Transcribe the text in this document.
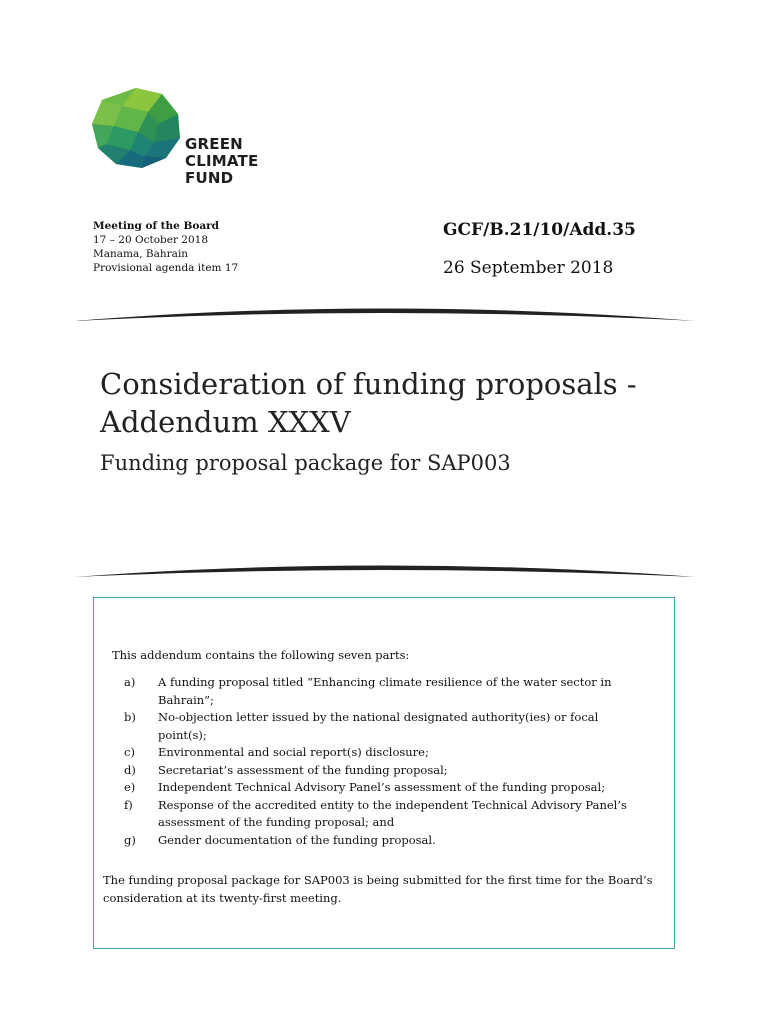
GREEN
CLIMATE
FUND
Meeting of the Board
17 – 20 October 2018
Manama, Bahrain
Provisional agenda item 17
GCF/B.21/10/Add.35
26 September 2018
Consideration of funding proposals - Addendum XXXV
Funding proposal package for SAP003
This addendum contains the following seven parts:
a)	A funding proposal titled “Enhancing climate resilience of the water sector in Bahrain”;
b)	No-objection letter issued by the national designated authority(ies) or focal point(s);
c)	Environmental and social report(s) disclosure;
d)	Secretariat’s assessment of the funding proposal;
e)	Independent Technical Advisory Panel’s assessment of the funding proposal;
f)	Response of the accredited entity to the independent Technical Advisory Panel’s assessment of the funding proposal; and
g)	Gender documentation of the funding proposal.
The funding proposal package for SAP003 is being submitted for the first time for the Board’s consideration at its twenty-first meeting.
